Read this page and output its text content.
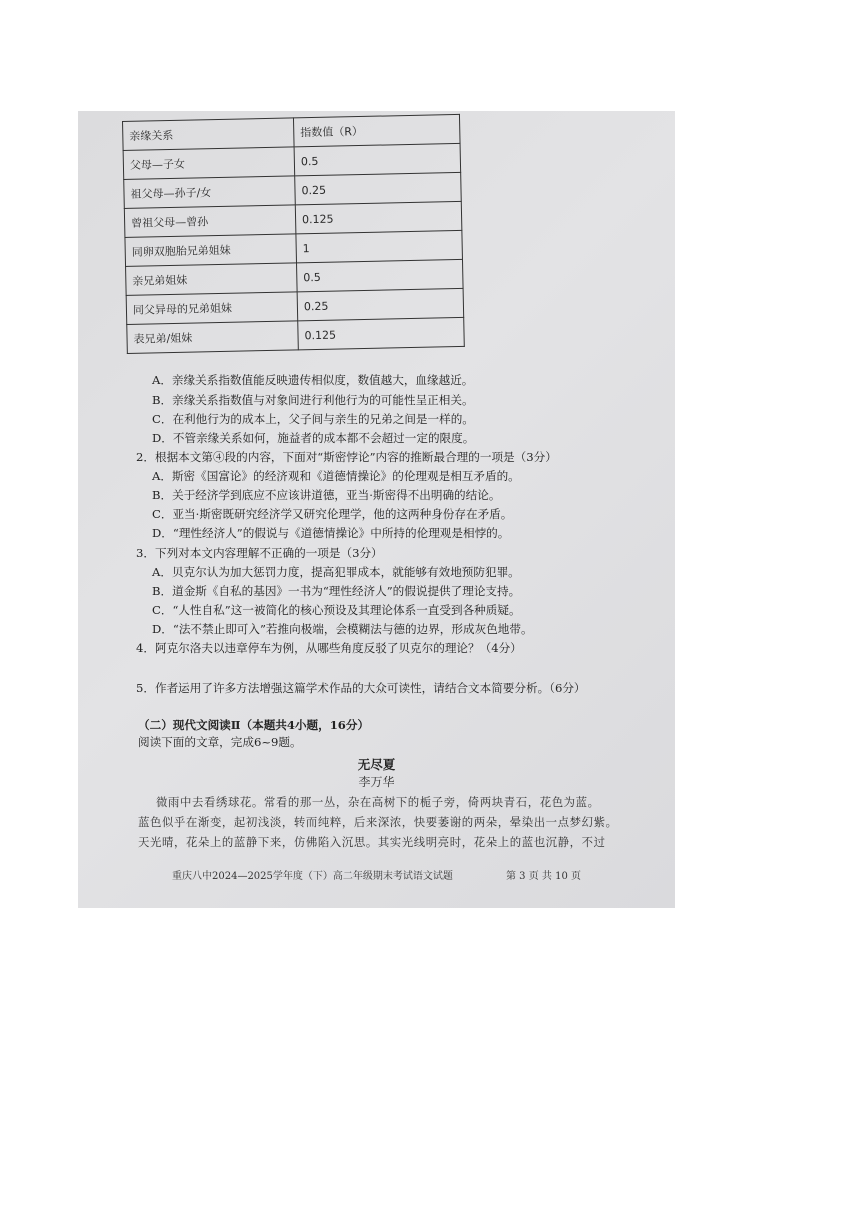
亲缘关系	指数值（R）
父母—子女	0.5
祖父母—孙子/女	0.25
曾祖父母—曾孙	0.125
同卵双胞胎兄弟姐妹	1
亲兄弟姐妹	0.5
同父异母的兄弟姐妹	0.25
表兄弟/姐妹	0.125
A．亲缘关系指数值能反映遗传相似度，数值越大，血缘越近。
B．亲缘关系指数值与对象间进行利他行为的可能性呈正相关。
C．在利他行为的成本上，父子间与亲生的兄弟之间是一样的。
D．不管亲缘关系如何，施益者的成本都不会超过一定的限度。
2．根据本文第④段的内容，下面对“斯密悖论”内容的推断最合理的一项是（3分）
A．斯密《国富论》的经济观和《道德情操论》的伦理观是相互矛盾的。
B．关于经济学到底应不应该讲道德，亚当·斯密得不出明确的结论。
C．亚当·斯密既研究经济学又研究伦理学，他的这两种身份存在矛盾。
D．“理性经济人”的假说与《道德情操论》中所持的伦理观是相悖的。
3．下列对本文内容理解不正确的一项是（3分）
A．贝克尔认为加大惩罚力度，提高犯罪成本，就能够有效地预防犯罪。
B．道金斯《自私的基因》一书为“理性经济人”的假说提供了理论支持。
C．“人性自私”这一被简化的核心预设及其理论体系一直受到各种质疑。
D．“法不禁止即可入”若推向极端，会模糊法与德的边界，形成灰色地带。
4．阿克尔洛夫以违章停车为例，从哪些角度反驳了贝克尔的理论？（4分）
5．作者运用了许多方法增强这篇学术作品的大众可读性，请结合文本简要分析。（6分）
（二）现代文阅读Ⅱ（本题共4小题，16分）
阅读下面的文章，完成6~9题。
无尽夏
李万华
微雨中去看绣球花。常看的那一丛，杂在高树下的栀子旁，倚两块青石，花色为蓝。
蓝色似乎在渐变，起初浅淡，转而纯粹，后来深浓，快要萎谢的两朵，晕染出一点梦幻紫。
天光晴，花朵上的蓝静下来，仿佛陷入沉思。其实光线明亮时，花朵上的蓝也沉静，不过
重庆八中2024—2025学年度（下）高二年级期末考试语文试题	第 3 页 共 10 页
